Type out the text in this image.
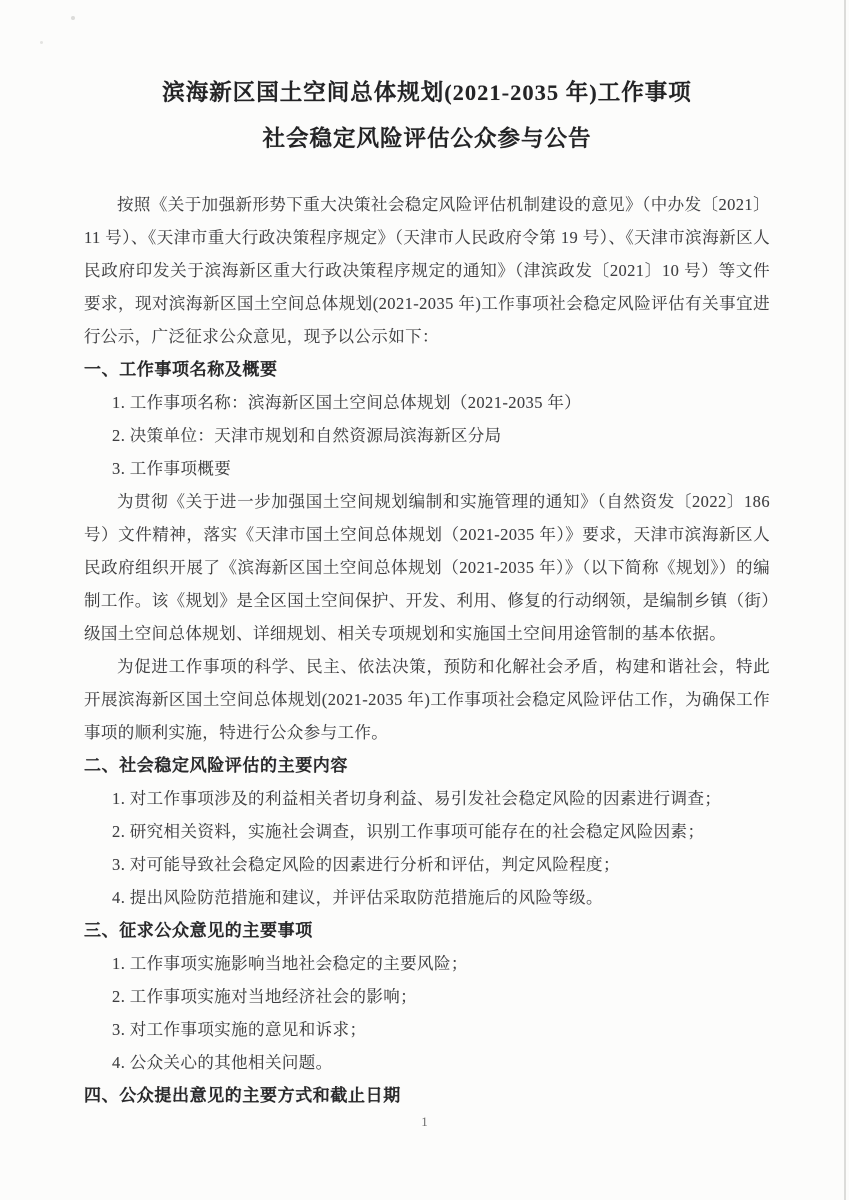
滨海新区国土空间总体规划(2021-2035 年)工作事项
社会稳定风险评估公众参与公告

按照《关于加强新形势下重大决策社会稳定风险评估机制建设的意见》（中办发〔2021〕11 号）、《天津市重大行政决策程序规定》（天津市人民政府令第 19 号）、《天津市滨海新区人民政府印发关于滨海新区重大行政决策程序规定的通知》（津滨政发〔2021〕10 号）等文件要求，现对滨海新区国土空间总体规划(2021-2035 年)工作事项社会稳定风险评估有关事宜进行公示，广泛征求公众意见，现予以公示如下：

一、工作事项名称及概要

1. 工作事项名称：滨海新区国土空间总体规划（2021-2035 年）

2. 决策单位：天津市规划和自然资源局滨海新区分局

3. 工作事项概要

为贯彻《关于进一步加强国土空间规划编制和实施管理的通知》（自然资发〔2022〕186 号）文件精神，落实《天津市国土空间总体规划（2021-2035 年）》要求，天津市滨海新区人民政府组织开展了《滨海新区国土空间总体规划（2021-2035 年）》（以下简称《规划》）的编制工作。该《规划》是全区国土空间保护、开发、利用、修复的行动纲领，是编制乡镇（街）级国土空间总体规划、详细规划、相关专项规划和实施国土空间用途管制的基本依据。

为促进工作事项的科学、民主、依法决策，预防和化解社会矛盾，构建和谐社会，特此开展滨海新区国土空间总体规划(2021-2035 年)工作事项社会稳定风险评估工作，为确保工作事项的顺利实施，特进行公众参与工作。

二、社会稳定风险评估的主要内容

1. 对工作事项涉及的利益相关者切身利益、易引发社会稳定风险的因素进行调查；

2. 研究相关资料，实施社会调查，识别工作事项可能存在的社会稳定风险因素；

3. 对可能导致社会稳定风险的因素进行分析和评估，判定风险程度；

4. 提出风险防范措施和建议，并评估采取防范措施后的风险等级。

三、征求公众意见的主要事项

1. 工作事项实施影响当地社会稳定的主要风险；

2. 工作事项实施对当地经济社会的影响；

3. 对工作事项实施的意见和诉求；

4. 公众关心的其他相关问题。

四、公众提出意见的主要方式和截止日期
1
